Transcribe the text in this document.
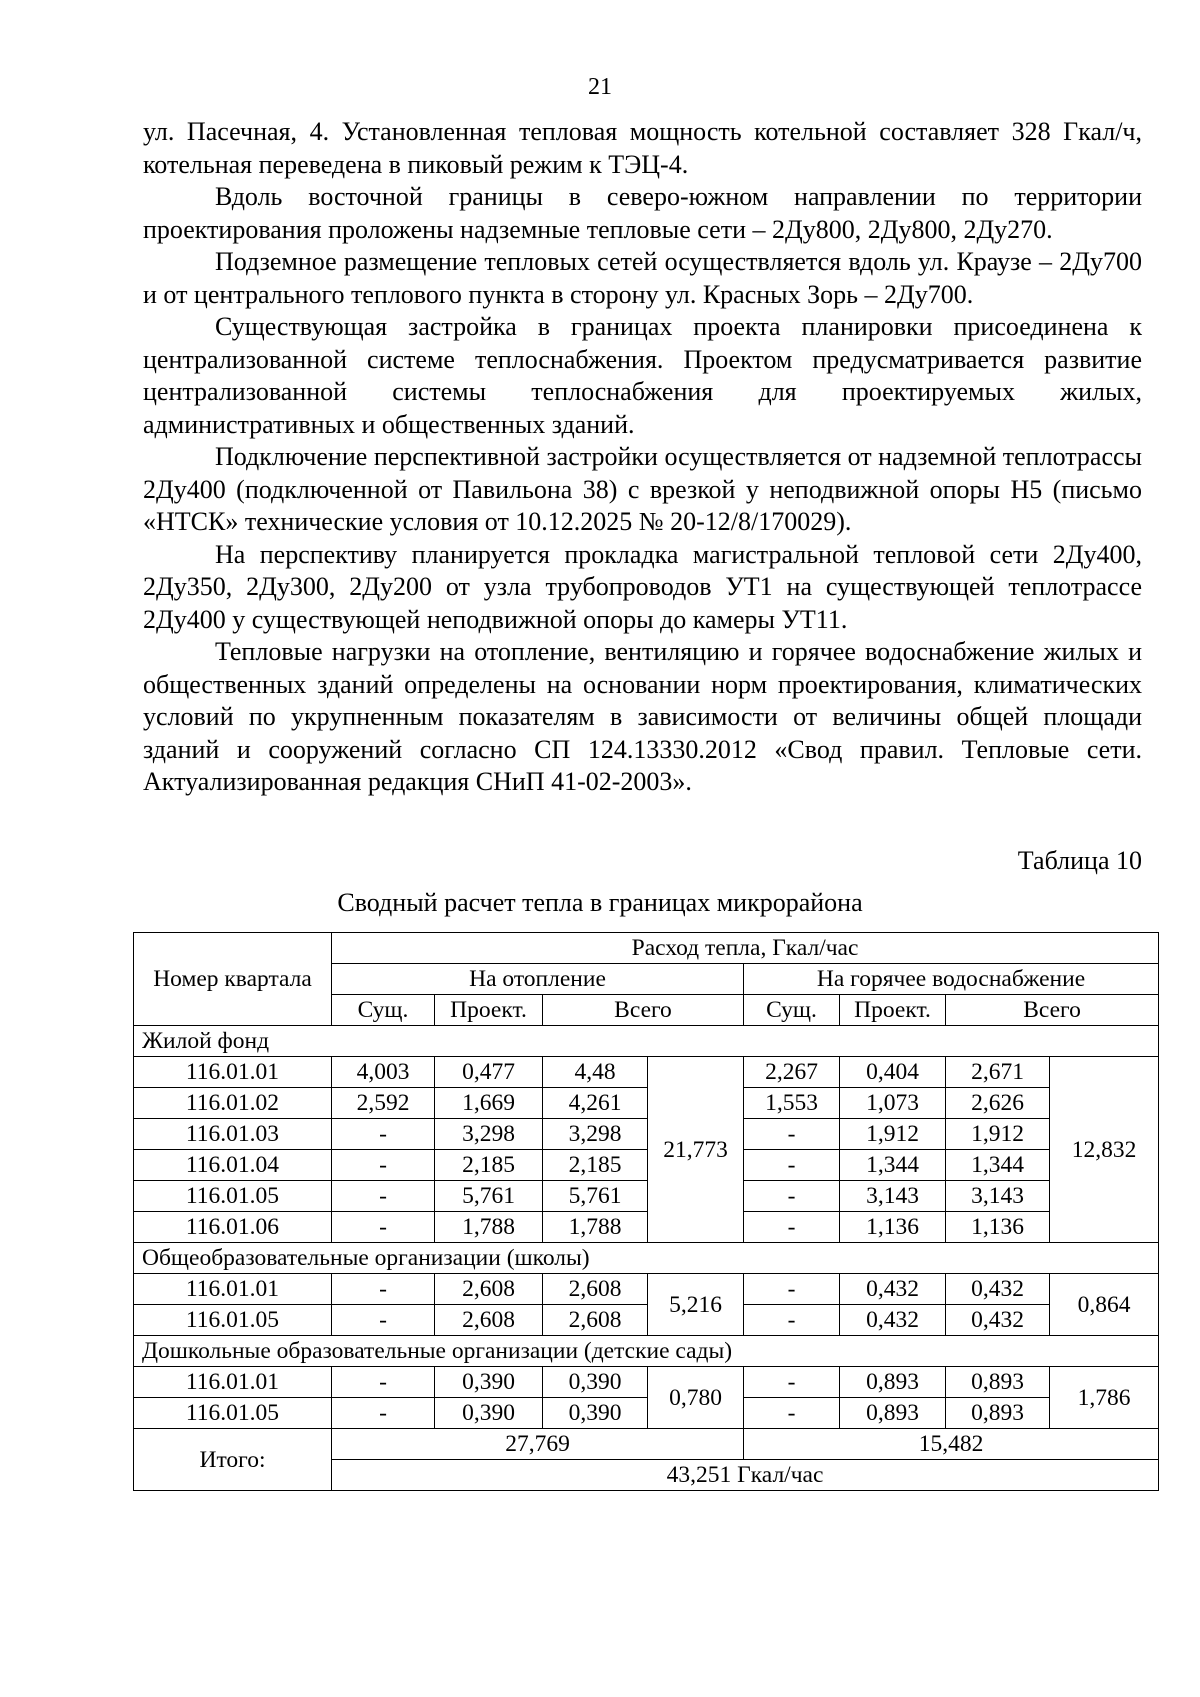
21

ул. Пасечная, 4. Установленная тепловая мощность котельной составляет 328 Гкал/ч, котельная переведена в пиковый режим к ТЭЦ-4.

Вдоль восточной границы в северо-южном направлении по территории проектирования проложены надземные тепловые сети – 2Ду800, 2Ду800, 2Ду270.

Подземное размещение тепловых сетей осуществляется вдоль ул. Краузе – 2Ду700 и от центрального теплового пункта в сторону ул. Красных Зорь – 2Ду700.

Существующая застройка в границах проекта планировки присоединена к централизованной системе теплоснабжения. Проектом предусматривается развитие централизованной системы теплоснабжения для проектируемых жилых, административных и общественных зданий.

Подключение перспективной застройки осуществляется от надземной теплотрассы 2Ду400 (подключенной от Павильона 38) с врезкой у неподвижной опоры Н5 (письмо «НТСК» технические условия от 10.12.2025 № 20-12/8/170029).

На перспективу планируется прокладка магистральной тепловой сети 2Ду400, 2Ду350, 2Ду300, 2Ду200 от узла трубопроводов УТ1 на существующей теплотрассе 2Ду400 у существующей неподвижной опоры до камеры УТ11.

Тепловые нагрузки на отопление, вентиляцию и горячее водоснабжение жилых и общественных зданий определены на основании норм проектирования, климатических условий по укрупненным показателям в зависимости от величины общей площади зданий и сооружений согласно СП 124.13330.2012 «Свод правил. Тепловые сети. Актуализированная редакция СНиП 41-02-2003».

Таблица 10
Сводный расчет тепла в границах микрорайона
Номер квартала	Расход тепла, Гкал/час							
	На отопление				На горячее водоснабжение			
	Сущ.	Проект.	Всего		Сущ.	Проект.	Всего	
Жилой фонд								
116.01.01	4,003	0,477	4,48	21,773	2,267	0,404	2,671	12,832
116.01.02	2,592	1,669	4,261		1,553	1,073	2,626	
116.01.03	-	3,298	3,298		-	1,912	1,912	
116.01.04	-	2,185	2,185		-	1,344	1,344	
116.01.05	-	5,761	5,761		-	3,143	3,143	
116.01.06	-	1,788	1,788		-	1,136	1,136	
Общеобразовательные организации (школы)								
116.01.01	-	2,608	2,608	5,216	-	0,432	0,432	0,864
116.01.05	-	2,608	2,608		-	0,432	0,432	
Дошкольные образовательные организации (детские сады)								
116.01.01	-	0,390	0,390	0,780	-	0,893	0,893	1,786
116.01.05	-	0,390	0,390		-	0,893	0,893	
Итого:	27,769				15,482			
	43,251 Гкал/час							
